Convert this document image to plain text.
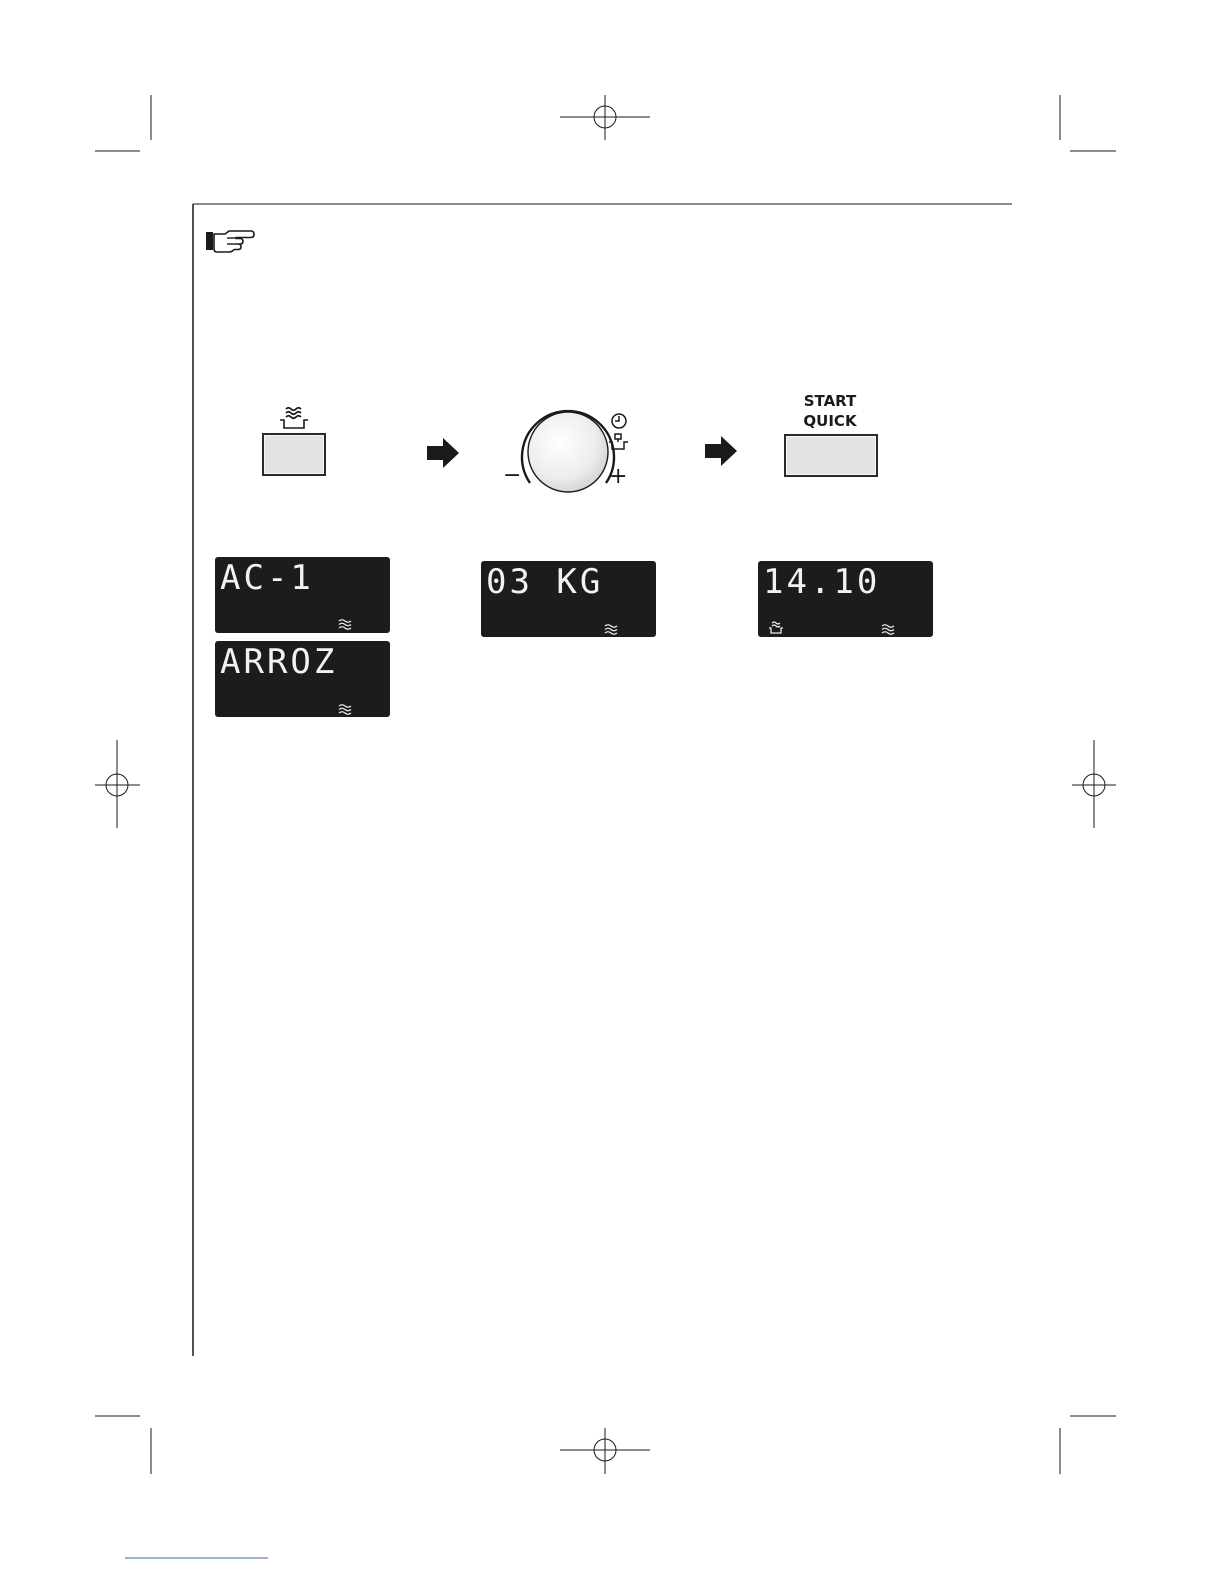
−	+
START
QUICK
AC-1
ARROZ
03 KG	14.10
